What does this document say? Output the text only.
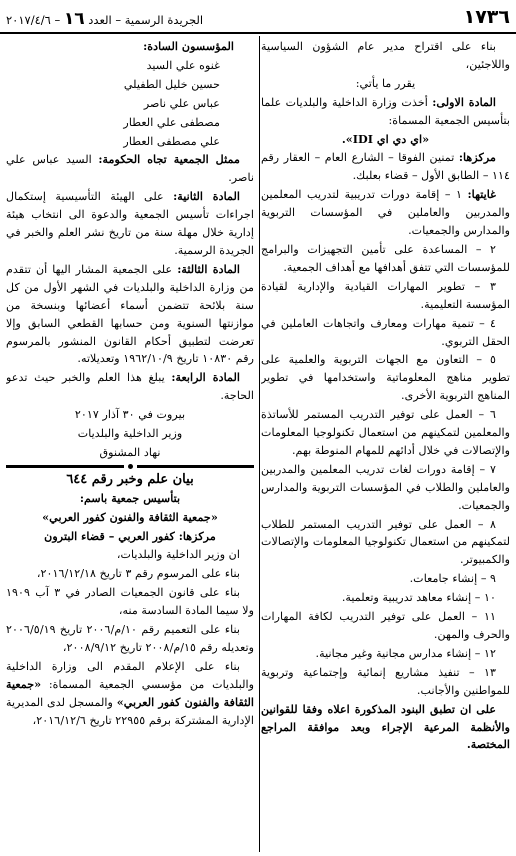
١٧٣٦
الجريدة الرسمية – العدد ١٦ – ٢٠١٧/٤/٦

بناء على اقتراح مدير عام الشؤون السياسية واللاجئين،

يقرر ما يأتي:

المادة الاولى: أخذت وزارة الداخلية والبلديات علما بتأسيس الجمعية المسماة:

«اي دي اي IDI».

مركزها: تمنين الفوقا – الشارع العام – العقار رقم ١١٤ – الطابق الأول – قضاء بعلبك.

غايتها: ١ – إقامة دورات تدريبية لتدريب المعلمين والمدربين والعاملين في المؤسسات التربوية والمدارس والجمعيات.

٢ – المساعدة على تأمين التجهيزات والبرامج للمؤسسات التي تتفق أهدافها مع أهداف الجمعية.

٣ – تطوير المهارات القيادية والإدارية لقيادة المؤسسة التعليمية.

٤ – تنمية مهارات ومعارف واتجاهات العاملين في الحقل التربوي.

٥ – التعاون مع الجهات التربوية والعلمية على تطوير مناهج المعلوماتية واستخدامها في تطوير المناهج التربوية الأخرى.

٦ – العمل على توفير التدريب المستمر للأساتذة والمعلمين لتمكينهم من استعمال تكنولوجيا المعلومات والإتصالات في خلال أدائهم للمهام المنوطة بهم.

٧ – إقامة دورات لغات تدريب المعلمين والمدربين والعاملين والطلاب في المؤسسات التربوية والمدارس والجمعيات.

٨ – العمل على توفير التدريب المستمر للطلاب لتمكينهم من استعمال تكنولوجيا المعلومات والإتصالات والكمبيوتر.

٩ – إنشاء جامعات.

١٠ – إنشاء معاهد تدريبية وتعلمية.

١١ – العمل على توفير التدريب لكافة المهارات والحرف والمهن.

١٢ – إنشاء مدارس مجانية وغير مجانية.

١٣ – تنفيذ مشاريع إنمائية وإجتماعية وتربوية للمواطنين والأجانب.

على ان تطبق البنود المذكورة اعلاه وفقا للقوانين والأنظمة المرعية الإجراء وبعد موافقة المراجع المختصة.

المؤسسون السادة:

غنوه علي السيد

حسين خليل الطفيلي

عباس علي ناصر

مصطفى علي العطار

علي مصطفى العطار

ممثل الجمعية تجاه الحكومة: السيد عباس علي ناصر.

المادة الثانية: على الهيئة التأسيسية إستكمال اجراءات تأسيس الجمعية والدعوة الى انتخاب هيئة إدارية خلال مهلة سنة من تاريخ نشر العلم والخبر في الجريدة الرسمية.

المادة الثالثة: على الجمعية المشار اليها أن تتقدم من وزارة الداخلية والبلديات في الشهر الأول من كل سنة بلائحة تتضمن أسماء أعضائها وبنسخة من موازنتها السنوية ومن حسابها القطعي السابق وإلا تعرضت لتطبيق أحكام القانون المنشور بالمرسوم رقم ١٠٨٣٠ تاريخ ١٩٦٢/١٠/٩ وتعديلاته.

المادة الرابعة: يبلغ هذا العلم والخبر حيث تدعو الحاجة.

بيروت في ٣٠ آذار ٢٠١٧

وزير الداخلية والبلديات

نهاد المشنوق

بيان علم وخبر رقم ٦٤٤

بتأسيس جمعية باسم:

«جمعية الثقافة والفنون كفور العربي»

مركزها: كفور العربي – قضاء البترون

ان وزير الداخلية والبلديات،

بناء على المرسوم رقم ٣ تاريخ ٢٠١٦/١٢/١٨،

بناء على قانون الجمعيات الصادر في ٣ آب ١٩٠٩ ولا سيما المادة السادسة منه،

بناء على التعميم رقم ١٠/م/٢٠٠٦ تاريخ ٢٠٠٦/٥/١٩ وتعديله رقم ١٥/م/٢٠٠٨ تاريخ ٢٠٠٨/٩/١٢،

بناء على الإعلام المقدم الى وزارة الداخلية والبلديات من مؤسسي الجمعية المسماة: «جمعية الثقافة والفنون كفور العربي» والمسجل لدى المديرية الإدارية المشتركة برقم ٢٢٩٥٥ تاريخ ٢٠١٦/١٢/٦،
